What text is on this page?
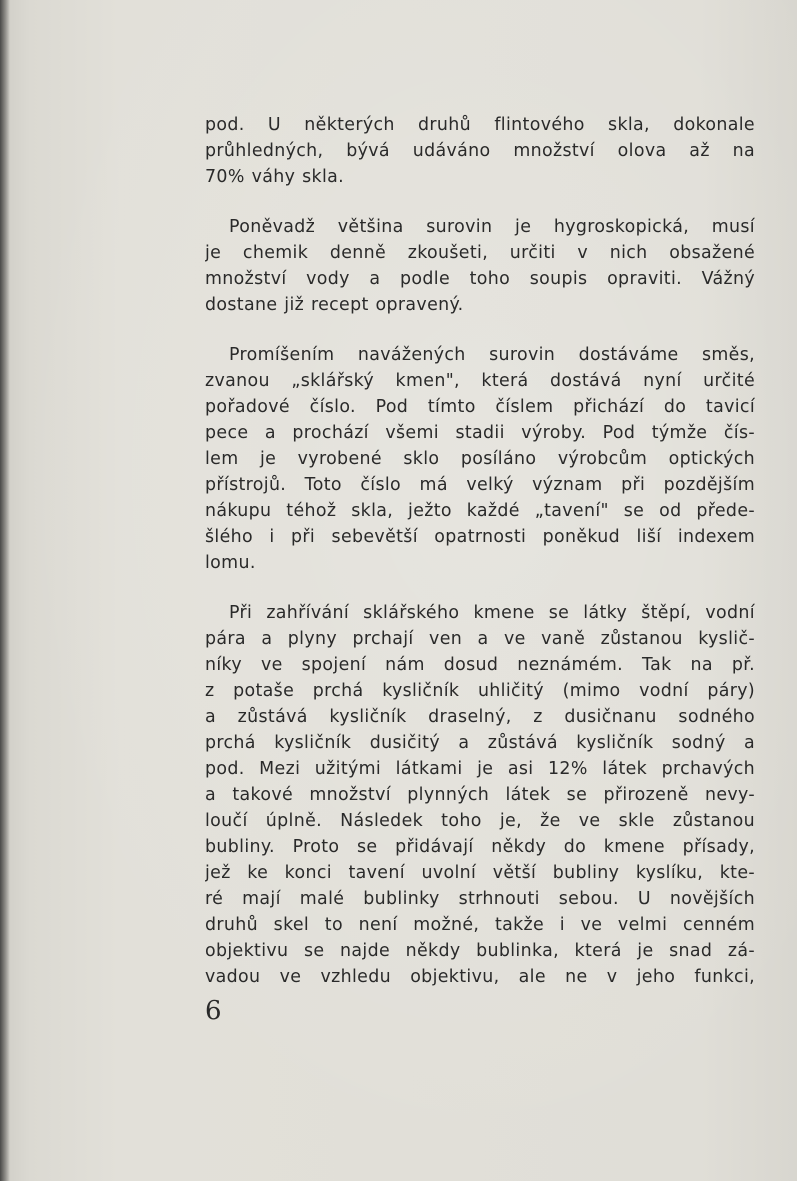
pod. U některých druhů flintového skla, dokonale
průhledných, bývá udáváno množství olova až na
70% váhy skla.
Poněvadž většina surovin je hygroskopická, musí
je chemik denně zkoušeti, určiti v nich obsažené
množství vody a podle toho soupis opraviti. Vážný
dostane již recept opravený.
Promíšením navážených surovin dostáváme směs,
zvanou „sklářský kmen", která dostává nyní určité
pořadové číslo. Pod tímto číslem přichází do tavicí
pece a prochází všemi stadii výroby. Pod týmže čís-
lem je vyrobené sklo posíláno výrobcům optických
přístrojů. Toto číslo má velký význam při pozdějším
nákupu téhož skla, ježto každé „tavení" se od přede-
šlého i při sebevětší opatrnosti poněkud liší indexem
lomu.
Při zahřívání sklářského kmene se látky štěpí, vodní
pára a plyny prchají ven a ve vaně zůstanou kyslič-
níky ve spojení nám dosud neznámém. Tak na př.
z potaše prchá kysličník uhličitý (mimo vodní páry)
a zůstává kysličník draselný, z dusičnanu sodného
prchá kysličník dusičitý a zůstává kysličník sodný a
pod. Mezi užitými látkami je asi 12% látek prchavých
a takové množství plynných látek se přirozeně nevy-
loučí úplně. Následek toho je, že ve skle zůstanou
bubliny. Proto se přidávají někdy do kmene přísady,
jež ke konci tavení uvolní větší bubliny kyslíku, kte-
ré mají malé bublinky strhnouti sebou. U novějších
druhů skel to není možné, takže i ve velmi cenném
objektivu se najde někdy bublinka, která je snad zá-
vadou ve vzhledu objektivu, ale ne v jeho funkci,
6
